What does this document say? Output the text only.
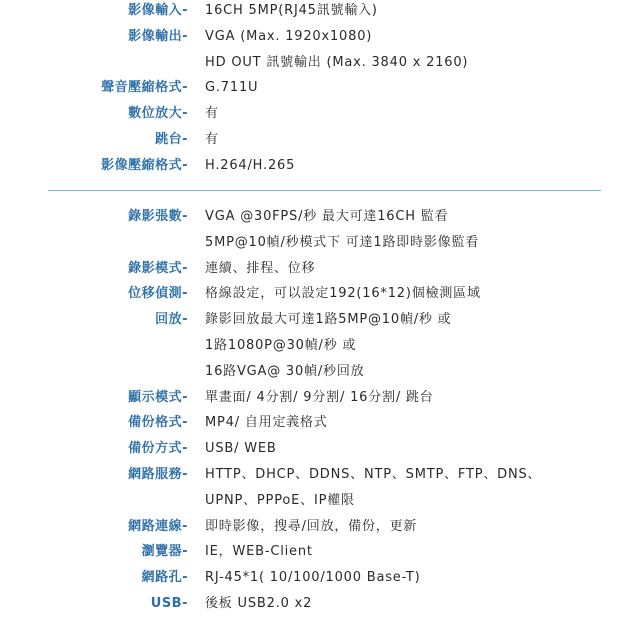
影像輸入- 16CH 5MP(RJ45訊號輸入)
影像輸出- VGA (Max. 1920x1080)
HD OUT 訊號輸出 (Max. 3840 x 2160)
聲音壓縮格式- G.711U
數位放大- 有
跳台- 有
影像壓縮格式- H.264/H.265
錄影張數- VGA @30FPS/秒 最大可達16CH 監看
5MP@10幀/秒模式下 可達1路即時影像監看
錄影模式- 連續、排程、位移
位移偵測- 格線設定，可以設定192(16*12)個檢測區域
回放- 錄影回放最大可達1路5MP@10幀/秒 或
1路1080P@30幀/秒 或
16路VGA@ 30幀/秒回放
顯示模式- 單畫面/ 4分割/ 9分割/ 16分割/ 跳台
備份格式- MP4/ 自用定義格式
備份方式- USB/ WEB
網路服務- HTTP、DHCP、DDNS、NTP、SMTP、FTP、DNS、
UPNP、PPPoE、IP權限
網路連線- 即時影像，搜尋/回放，備份，更新
瀏覽器- IE，WEB-Client
網路孔- RJ-45*1( 10/100/1000 Base-T)
USB- 後板 USB2.0 x2
